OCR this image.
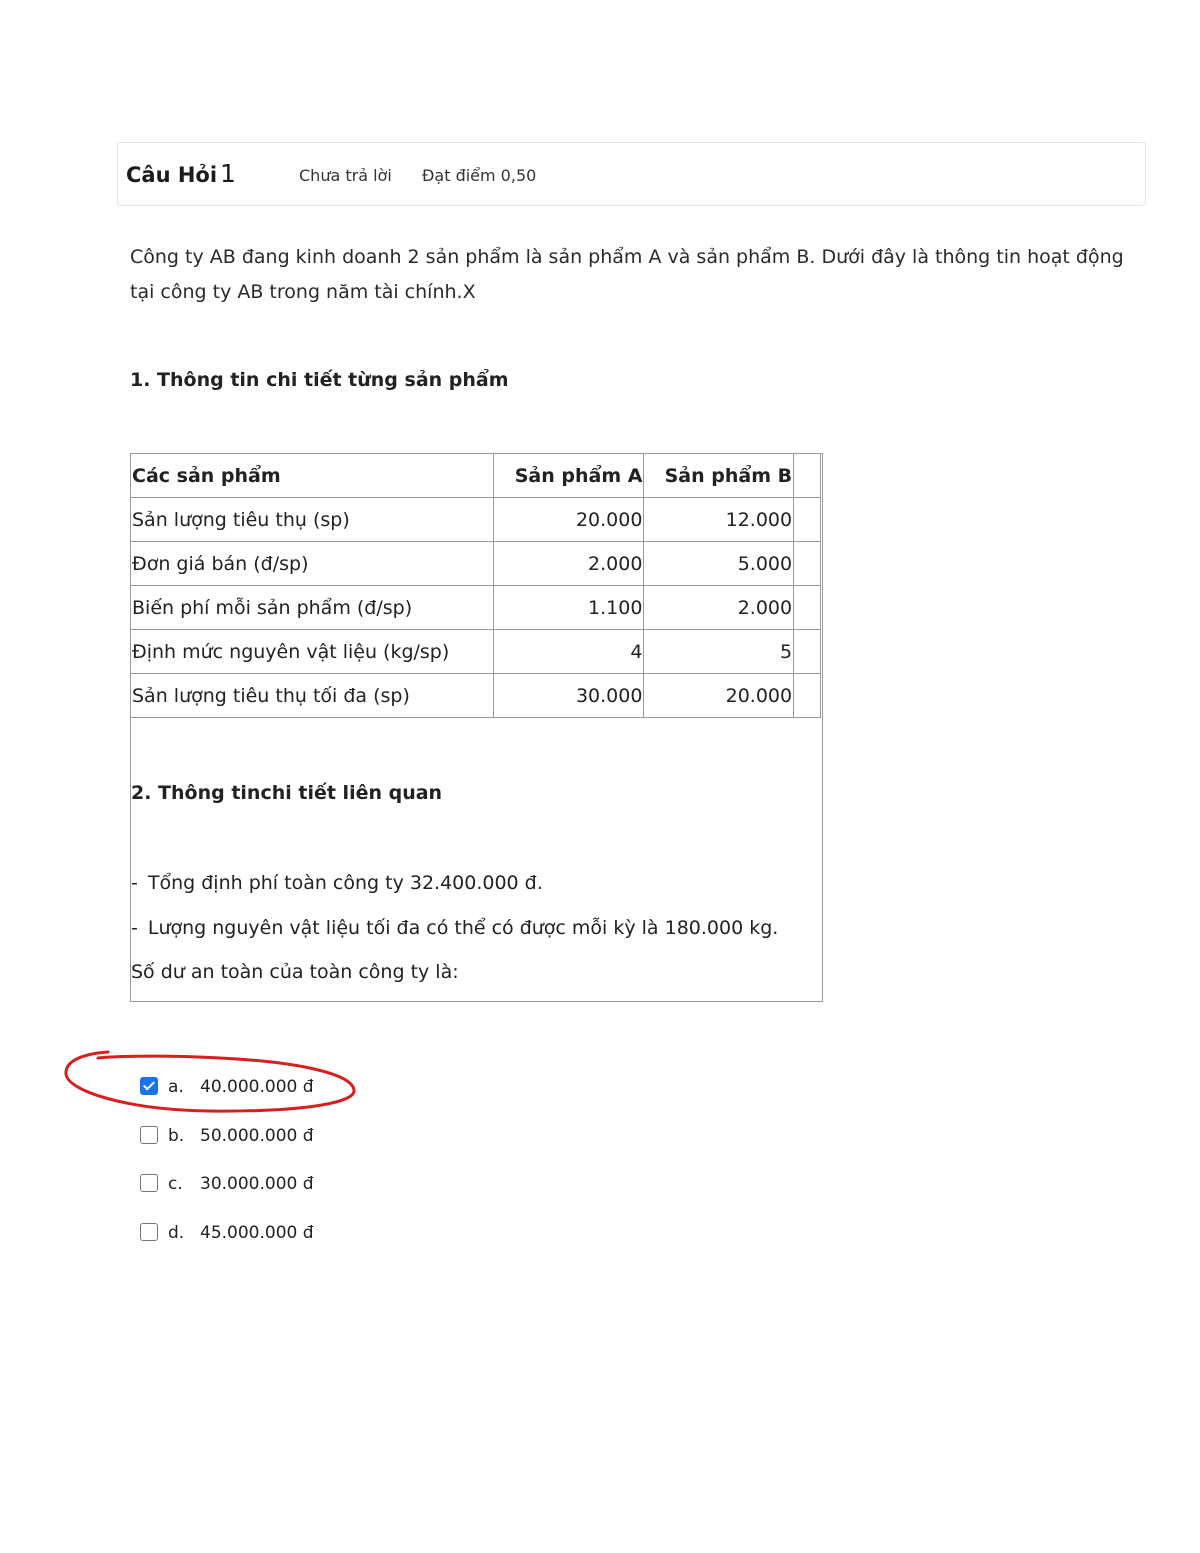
Câu Hỏi 1	Chưa trả lời Đạt điểm 0,50
Công ty AB đang kinh doanh 2 sản phẩm là sản phẩm A và sản phẩm B. Dưới đây là thông tin hoạt động tại công ty AB trong năm tài chính.X
1. Thông tin chi tiết từng sản phẩm
Các sản phẩm	Sản phẩm A	Sản phẩm B	
Sản lượng tiêu thụ (sp)	20.000	12.000	
Đơn giá bán (đ/sp)	2.000	5.000	
Biến phí mỗi sản phẩm (đ/sp)	1.100	2.000	
Định mức nguyên vật liệu (kg/sp)	4	5	
Sản lượng tiêu thụ tối đa (sp)	30.000	20.000	
2. Thông tinchi tiết liên quan
- Tổng định phí toàn công ty 32.400.000 đ.
- Lượng nguyên vật liệu tối đa có thể có được mỗi kỳ là 180.000 kg.
Số dư an toàn của toàn công ty là:
a. 40.000.000 đ
b. 50.000.000 đ
c. 30.000.000 đ
d. 45.000.000 đ
